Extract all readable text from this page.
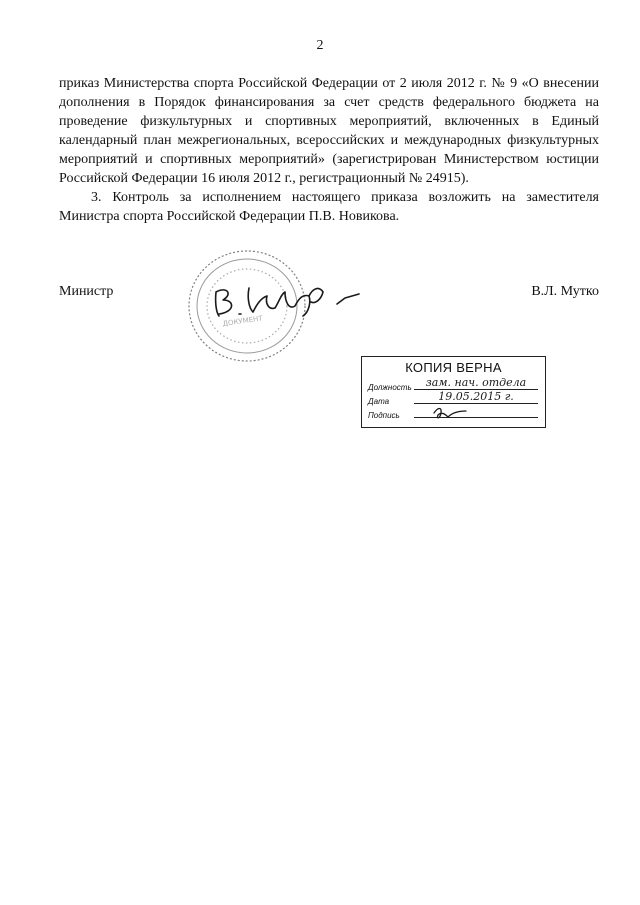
2

приказ Министерства спорта Российской Федерации от 2 июля 2012 г. № 9 «О внесении дополнения в Порядок финансирования за счет средств федерального бюджета на проведение физкультурных и спортивных мероприятий, включенных в Единый календарный план межрегиональных, всероссийских и международных физкультурных мероприятий и спортивных мероприятий» (зарегистрирован Министерством юстиции Российской Федерации 16 июля 2012 г., регистрационный № 24915).

3. Контроль за исполнением настоящего приказа возложить на заместителя Министра спорта Российской Федерации П.В. Новикова.

ДОКУМЕНТ
Министр	В.Л. Мутко
КОПИЯ ВЕРНА
Должность	зам. нач. отдела
Дата	19.05.2015 г.
Подпись
